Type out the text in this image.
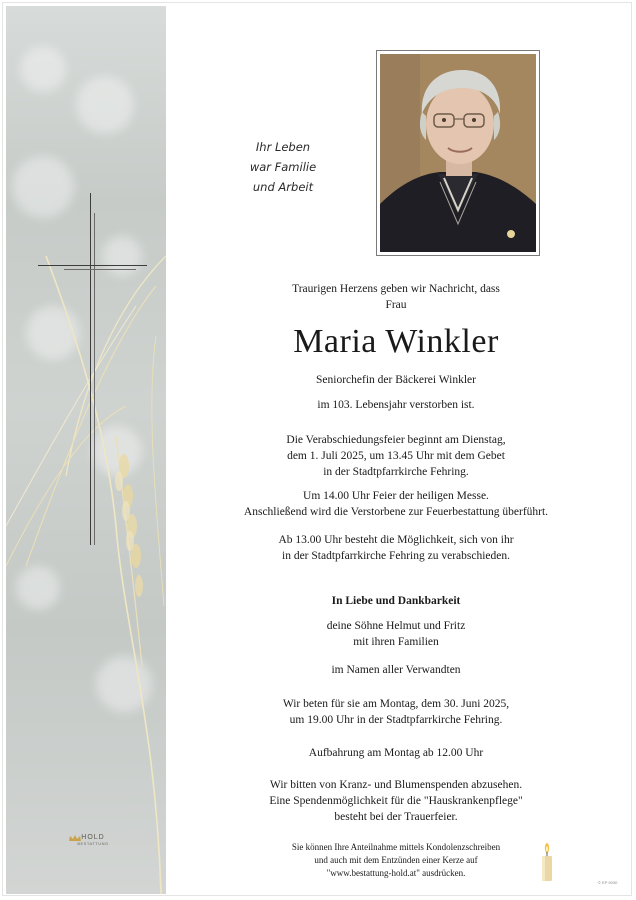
HOLD
BESTATTUNG
Ihr Leben
war Familie
und Arbeit
Traurigen Herzens geben wir Nachricht, dass
Frau
Maria Winkler
Seniorchefin der Bäckerei Winkler
im 103. Lebensjahr verstorben ist.
Die Verabschiedungsfeier beginnt am Dienstag,
dem 1. Juli 2025, um 13.45 Uhr mit dem Gebet
in der Stadtpfarrkirche Fehring.
Um 14.00 Uhr Feier der heiligen Messe.
Anschließend wird die Verstorbene zur Feuerbestattung überführt.
Ab 13.00 Uhr besteht die Möglichkeit, sich von ihr
in der Stadtpfarrkirche Fehring zu verabschieden.
In Liebe und Dankbarkeit
deine Söhne Helmut und Fritz
mit ihren Familien
im Namen aller Verwandten
Wir beten für sie am Montag, dem 30. Juni 2025,
um 19.00 Uhr in der Stadtpfarrkirche Fehring.
Aufbahrung am Montag ab 12.00 Uhr
Wir bitten von Kranz- und Blumenspenden abzusehen.
Eine Spendenmöglichkeit für die "Hauskrankenpflege"
besteht bei der Trauerfeier.
Sie können Ihre Anteilnahme mittels Kondolenzschreiben
und auch mit dem Entzünden einer Kerze auf
"www.bestattung-hold.at" ausdrücken.
© EP 9030
